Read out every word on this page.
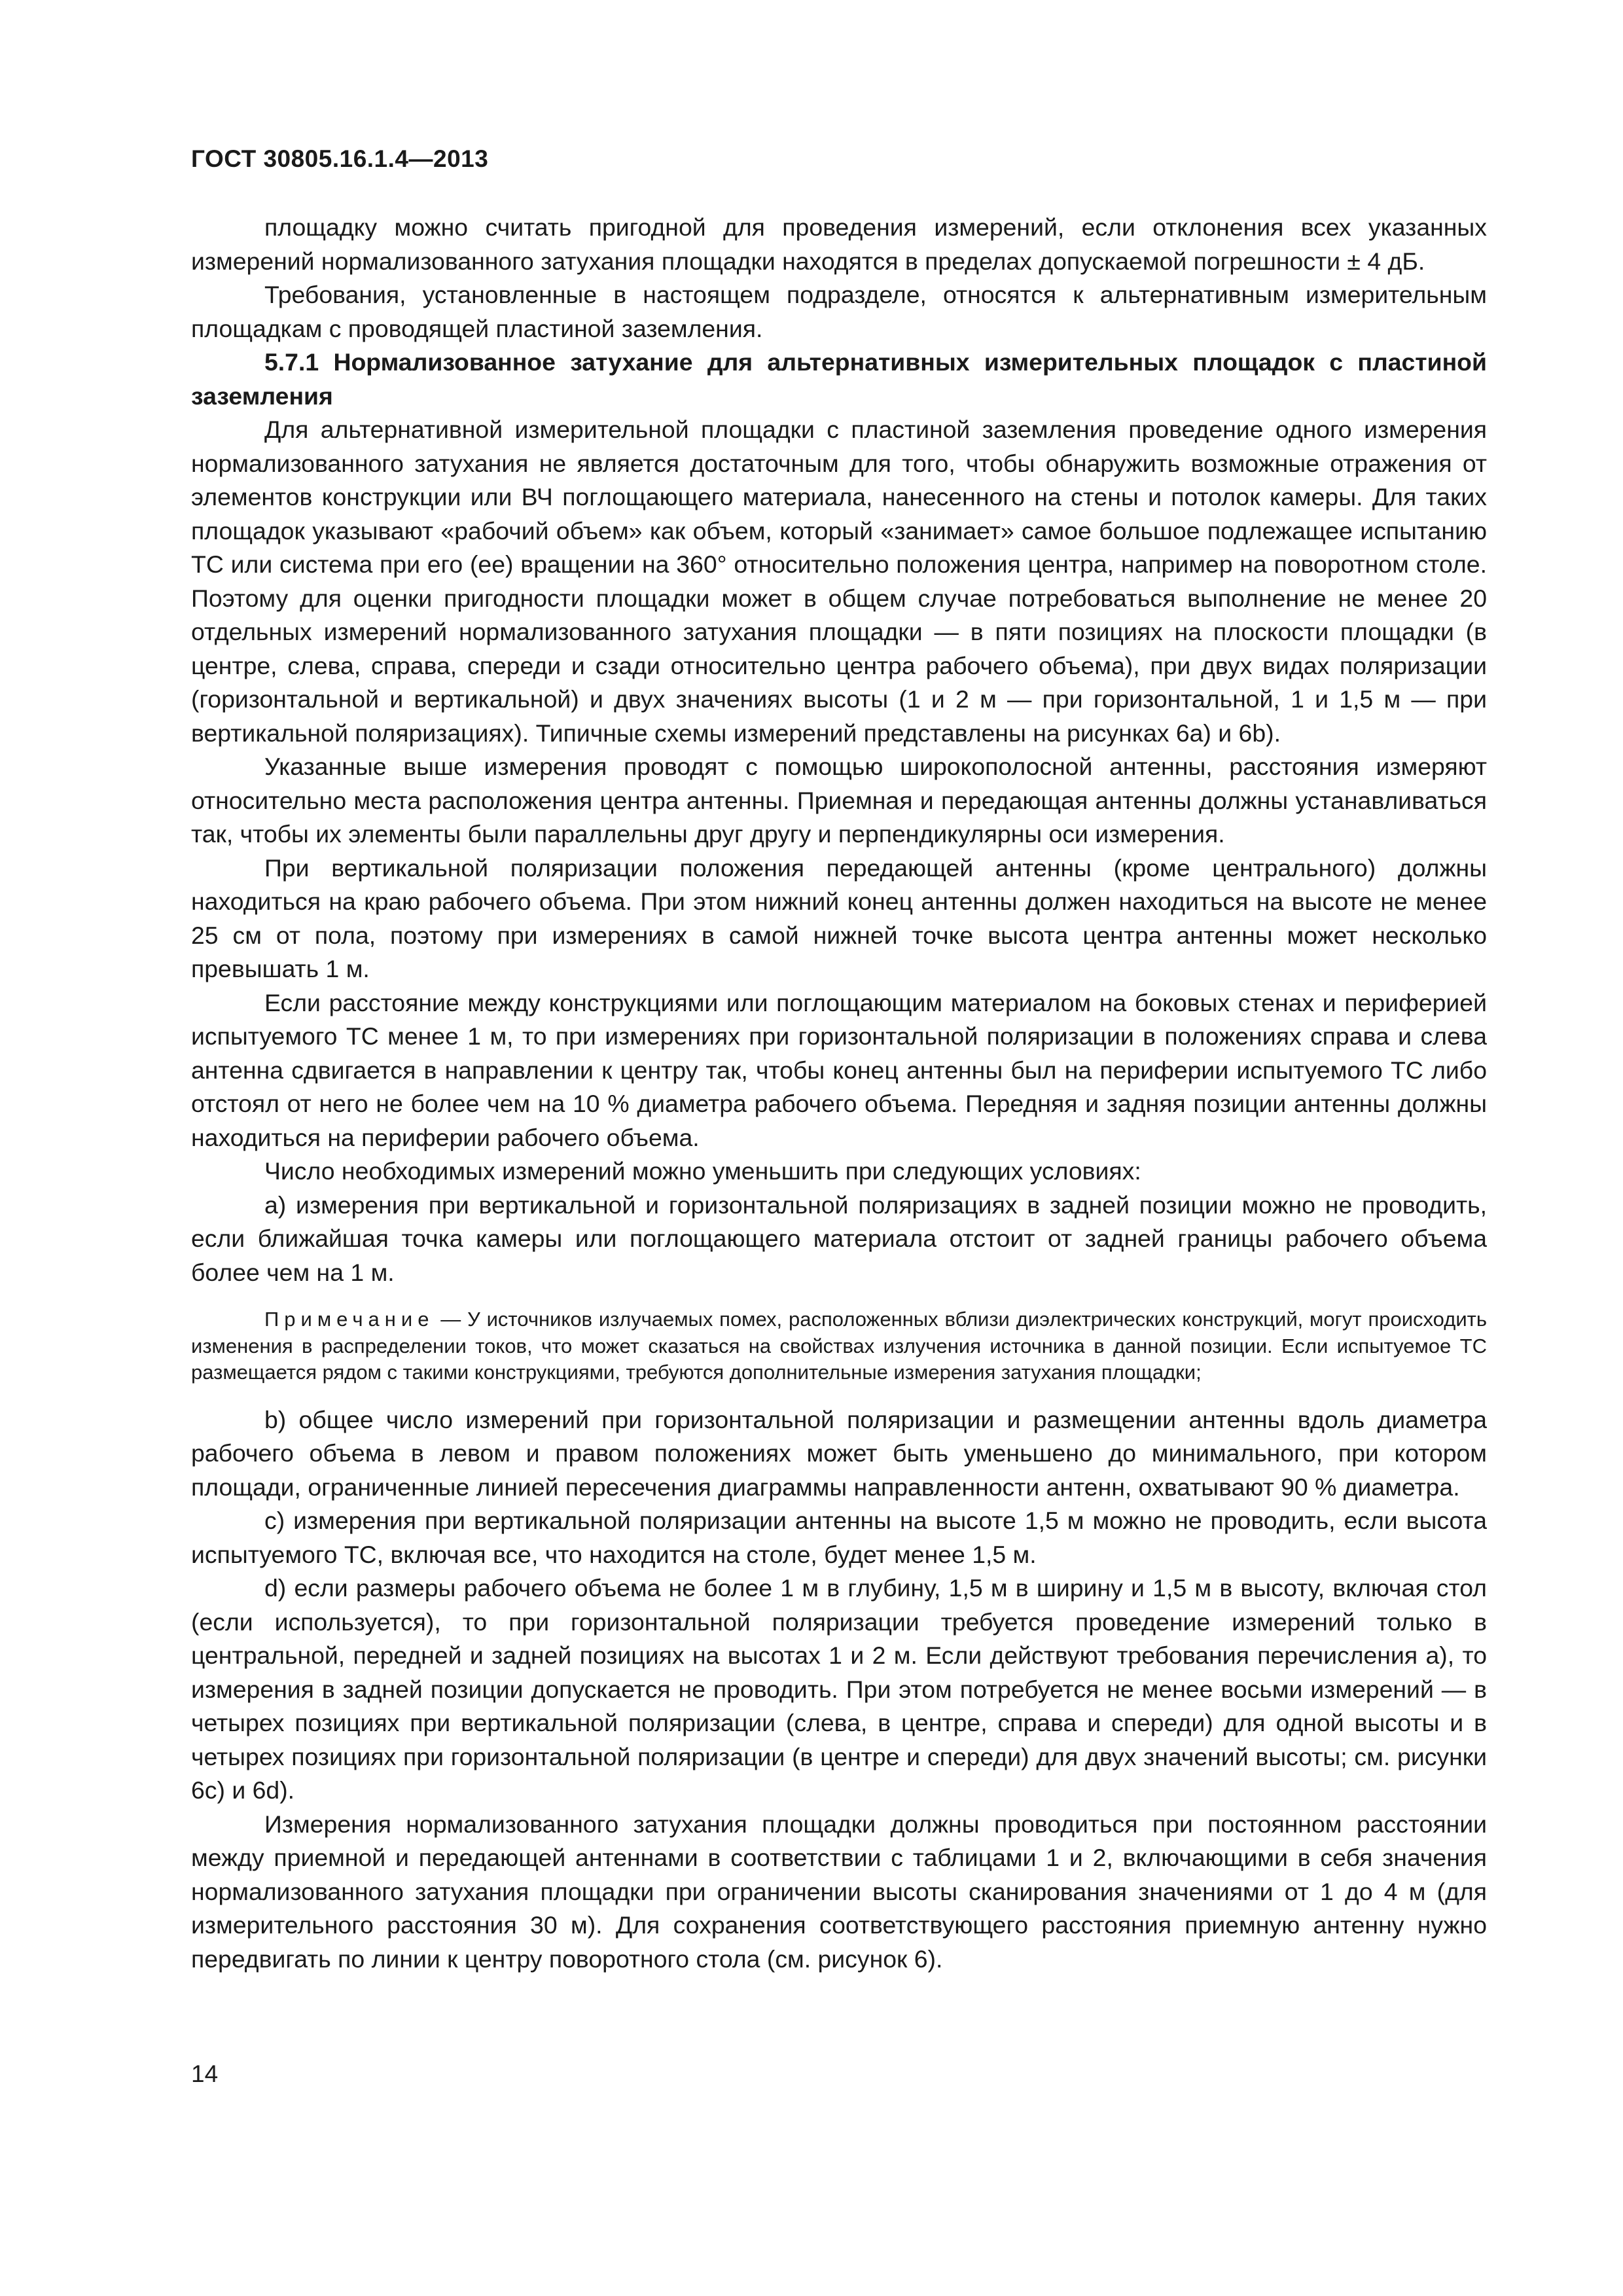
ГОСТ 30805.16.1.4—2013

площадку можно считать пригодной для проведения измерений, если отклонения всех указанных измерений нормализованного затухания площадки находятся в пределах допускаемой погрешности ± 4 дБ.

Требования, установленные в настоящем подразделе, относятся к альтернативным измерительным площадкам с проводящей пластиной заземления.

5.7.1 Нормализованное затухание для альтернативных измерительных площадок с пластиной заземления

Для альтернативной измерительной площадки с пластиной заземления проведение одного измерения нормализованного затухания не является достаточным для того, чтобы обнаружить возможные отражения от элементов конструкции или ВЧ поглощающего материала, нанесенного на стены и потолок камеры. Для таких площадок указывают «рабочий объем» как объем, который «занимает» самое большое подлежащее испытанию ТС или система при его (ее) вращении на 360° относительно положения центра, например на поворотном столе. Поэтому для оценки пригодности площадки может в общем случае потребоваться выполнение не менее 20 отдельных измерений нормализованного затухания площадки — в пяти позициях на плоскости площадки (в центре, слева, справа, спереди и сзади относительно центра рабочего объема), при двух видах поляризации (горизонтальной и вертикальной) и двух значениях высоты (1 и 2 м — при горизонтальной, 1 и 1,5 м — при вертикальной поляризациях). Типичные схемы измерений представлены на рисунках 6а) и 6b).

Указанные выше измерения проводят с помощью широкополосной антенны, расстояния измеряют относительно места расположения центра антенны. Приемная и передающая антенны должны устанавливаться так, чтобы их элементы были параллельны друг другу и перпендикулярны оси измерения.

При вертикальной поляризации положения передающей антенны (кроме центрального) должны находиться на краю рабочего объема. При этом нижний конец антенны должен находиться на высоте не менее 25 см от пола, поэтому при измерениях в самой нижней точке высота центра антенны может несколько превышать 1 м.

Если расстояние между конструкциями или поглощающим материалом на боковых стенах и периферией испытуемого ТС менее 1 м, то при измерениях при горизонтальной поляризации в положениях справа и слева антенна сдвигается в направлении к центру так, чтобы конец антенны был на периферии испытуемого ТС либо отстоял от него не более чем на 10 % диаметра рабочего объема. Передняя и задняя позиции антенны должны находиться на периферии рабочего объема.

Число необходимых измерений можно уменьшить при следующих условиях:

а) измерения при вертикальной и горизонтальной поляризациях в задней позиции можно не проводить, если ближайшая точка камеры или поглощающего материала отстоит от задней границы рабочего объема более чем на 1 м.

Примечание — У источников излучаемых помех, расположенных вблизи диэлектрических конструкций, могут происходить изменения в распределении токов, что может сказаться на свойствах излучения источника в данной позиции. Если испытуемое ТС размещается рядом с такими конструкциями, требуются дополнительные измерения затухания площадки;

b) общее число измерений при горизонтальной поляризации и размещении антенны вдоль диаметра рабочего объема в левом и правом положениях может быть уменьшено до минимального, при котором площади, ограниченные линией пересечения диаграммы направленности антенн, охватывают 90 % диаметра.

c) измерения при вертикальной поляризации антенны на высоте 1,5 м можно не проводить, если высота испытуемого ТС, включая все, что находится на столе, будет менее 1,5 м.

d) если размеры рабочего объема не более 1 м в глубину, 1,5 м в ширину и 1,5 м в высоту, включая стол (если используется), то при горизонтальной поляризации требуется проведение измерений только в центральной, передней и задней позициях на высотах 1 и 2 м. Если действуют требования перечисления а), то измерения в задней позиции допускается не проводить. При этом потребуется не менее восьми измерений — в четырех позициях при вертикальной поляризации (слева, в центре, справа и спереди) для одной высоты и в четырех позициях при горизонтальной поляризации (в центре и спереди) для двух значений высоты; см. рисунки 6с) и 6d).

Измерения нормализованного затухания площадки должны проводиться при постоянном расстоянии между приемной и передающей антеннами в соответствии с таблицами 1 и 2, включающими в себя значения нормализованного затухания площадки при ограничении высоты сканирования значениями от 1 до 4 м (для измерительного расстояния 30 м). Для сохранения соответствующего расстояния приемную антенну нужно передвигать по линии к центру поворотного стола (см. рисунок 6).

14
